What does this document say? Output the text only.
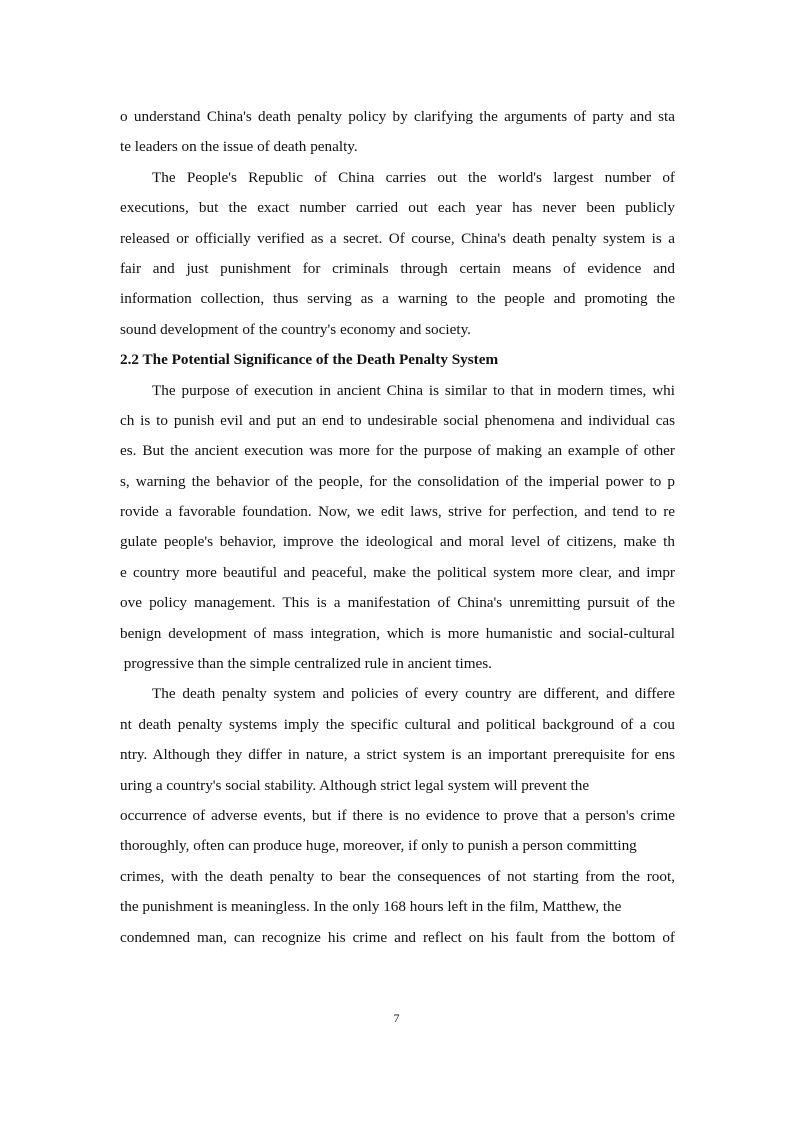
o understand China's death penalty policy by clarifying the arguments of party and sta
te leaders on the issue of death penalty.
The People's Republic of China carries out the world's largest number of
executions, but the exact number carried out each year has never been publicly
released or officially verified as a secret. Of course, China's death penalty system is a
fair and just punishment for criminals through certain means of evidence and
information collection, thus serving as a warning to the people and promoting the
sound development of the country's economy and society.
2.2 The Potential Significance of the Death Penalty System
The purpose of execution in ancient China is similar to that in modern times, whi
ch is to punish evil and put an end to undesirable social phenomena and individual cas
es. But the ancient execution was more for the purpose of making an example of other
s, warning the behavior of the people, for the consolidation of the imperial power to p
rovide a favorable foundation. Now, we edit laws, strive for perfection, and tend to re
gulate people's behavior, improve the ideological and moral level of citizens, make th
e country more beautiful and peaceful, make the political system more clear, and impr
ove policy management. This is a manifestation of China's unremitting pursuit of the
benign development of mass integration, which is more humanistic and social-cultural
progressive than the simple centralized rule in ancient times.
The death penalty system and policies of every country are different, and differe
nt death penalty systems imply the specific cultural and political background of a cou
ntry. Although they differ in nature, a strict system is an important prerequisite for ens
uring a country's social stability. Although strict legal system will prevent the
occurrence of adverse events, but if there is no evidence to prove that a person's crime
thoroughly, often can produce huge, moreover, if only to punish a person committing
crimes, with the death penalty to bear the consequences of not starting from the root,
the punishment is meaningless. In the only 168 hours left in the film, Matthew, the
condemned man, can recognize his crime and reflect on his fault from the bottom of
7
